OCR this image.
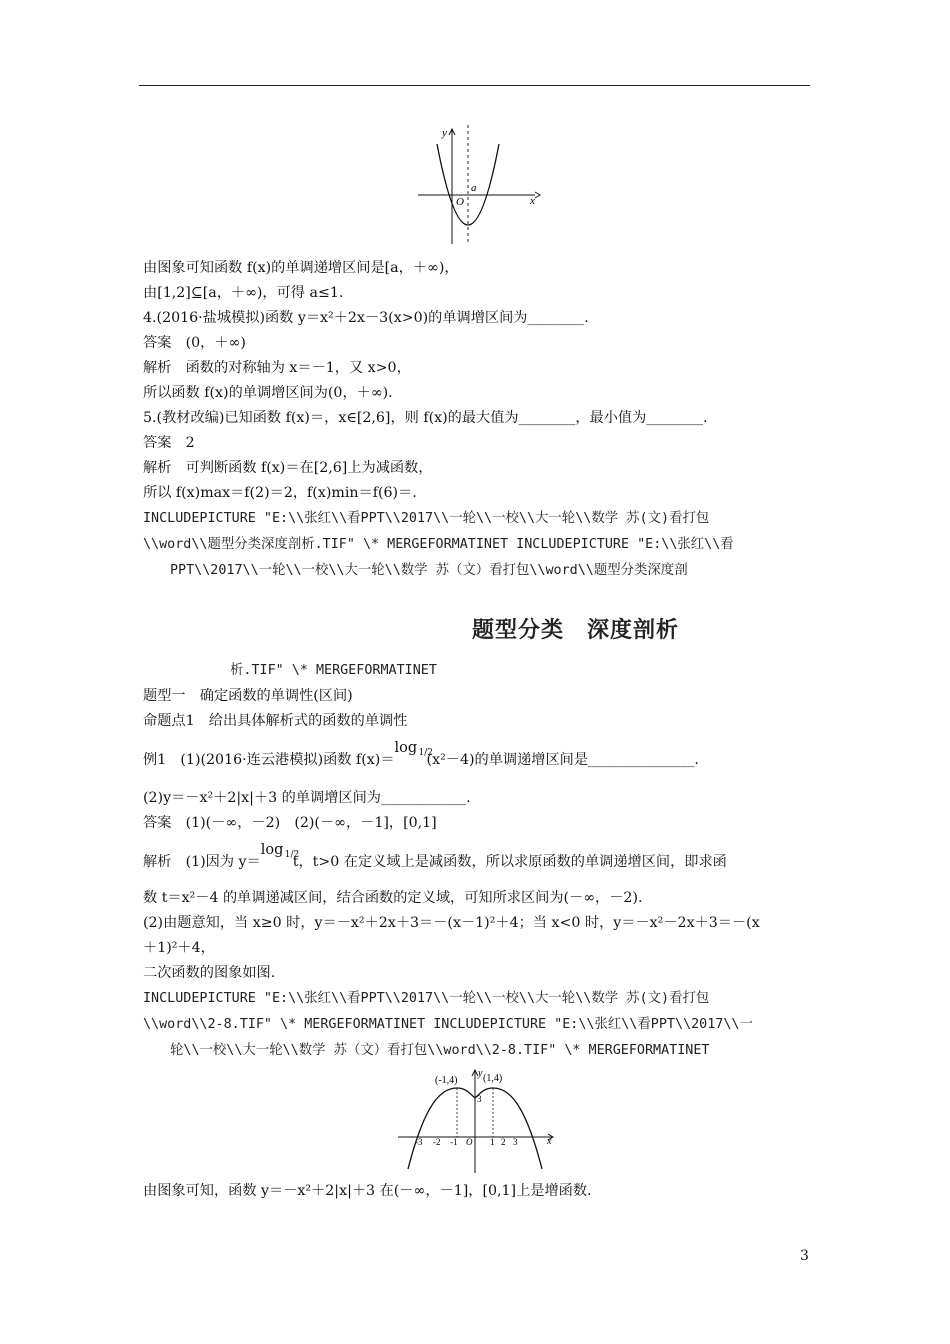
y
x
O
a
由图象可知函数 f(x)的单调递增区间是[a，＋∞)，
由[1,2]⊆[a，＋∞)，可得 a≤1.
4.(2016·盐城模拟)函数 y＝x²＋2x－3(x>0)的单调增区间为________.
答案　(0，＋∞)
解析　函数的对称轴为 x＝－1，又 x>0，
所以函数 f(x)的单调增区间为(0，＋∞).
5.(教材改编)已知函数 f(x)＝，x∈[2,6]，则 f(x)的最大值为________，最小值为________.
答案　2
解析　可判断函数 f(x)＝在[2,6]上为减函数，
所以 f(x)max＝f(2)＝2，f(x)min＝f(6)＝.
INCLUDEPICTURE "E:\\张红\\看PPT\\2017\\一轮\\一校\\大一轮\\数学 苏(文)看打包
\\word\\题型分类深度剖析.TIF" \* MERGEFORMATINET INCLUDEPICTURE "E:\\张红\\看
PPT\\2017\\一轮\\一校\\大一轮\\数学 苏（文）看打包\\word\\题型分类深度剖
题型分类　深度剖析
析.TIF" \* MERGEFORMATINET
题型一　确定函数的单调性(区间)
命题点1　给出具体解析式的函数的单调性
例1　(1)(2016·连云港模拟)函数 f(x)＝
log 1/2
(x²－4)的单调递增区间是_______________.
(2)y＝－x²＋2|x|＋3 的单调增区间为____________.
答案　(1)(－∞，－2)　(2)(－∞，－1]，[0,1]
解析　(1)因为 y＝
log 1/2
t，t>0 在定义域上是减函数，所以求原函数的单调递增区间，即求函
数 t＝x²－4 的单调递减区间，结合函数的定义域，可知所求区间为(－∞，－2).
(2)由题意知，当 x≥0 时，y＝－x²＋2x＋3＝－(x－1)²＋4；当 x<0 时，y＝－x²－2x＋3＝－(x
＋1)²＋4，
二次函数的图象如图.
INCLUDEPICTURE "E:\\张红\\看PPT\\2017\\一轮\\一校\\大一轮\\数学 苏(文)看打包
\\word\\2-8.TIF" \* MERGEFORMATINET INCLUDEPICTURE "E:\\张红\\看PPT\\2017\\一
轮\\一校\\大一轮\\数学 苏（文）看打包\\word\\2-8.TIF" \* MERGEFORMATINET
y
x
(-1,4)	(1,4)
3
O
-3 -2 -1	1 2 3
由图象可知，函数 y＝－x²＋2|x|＋3 在(－∞，－1]，[0,1]上是增函数.
3
